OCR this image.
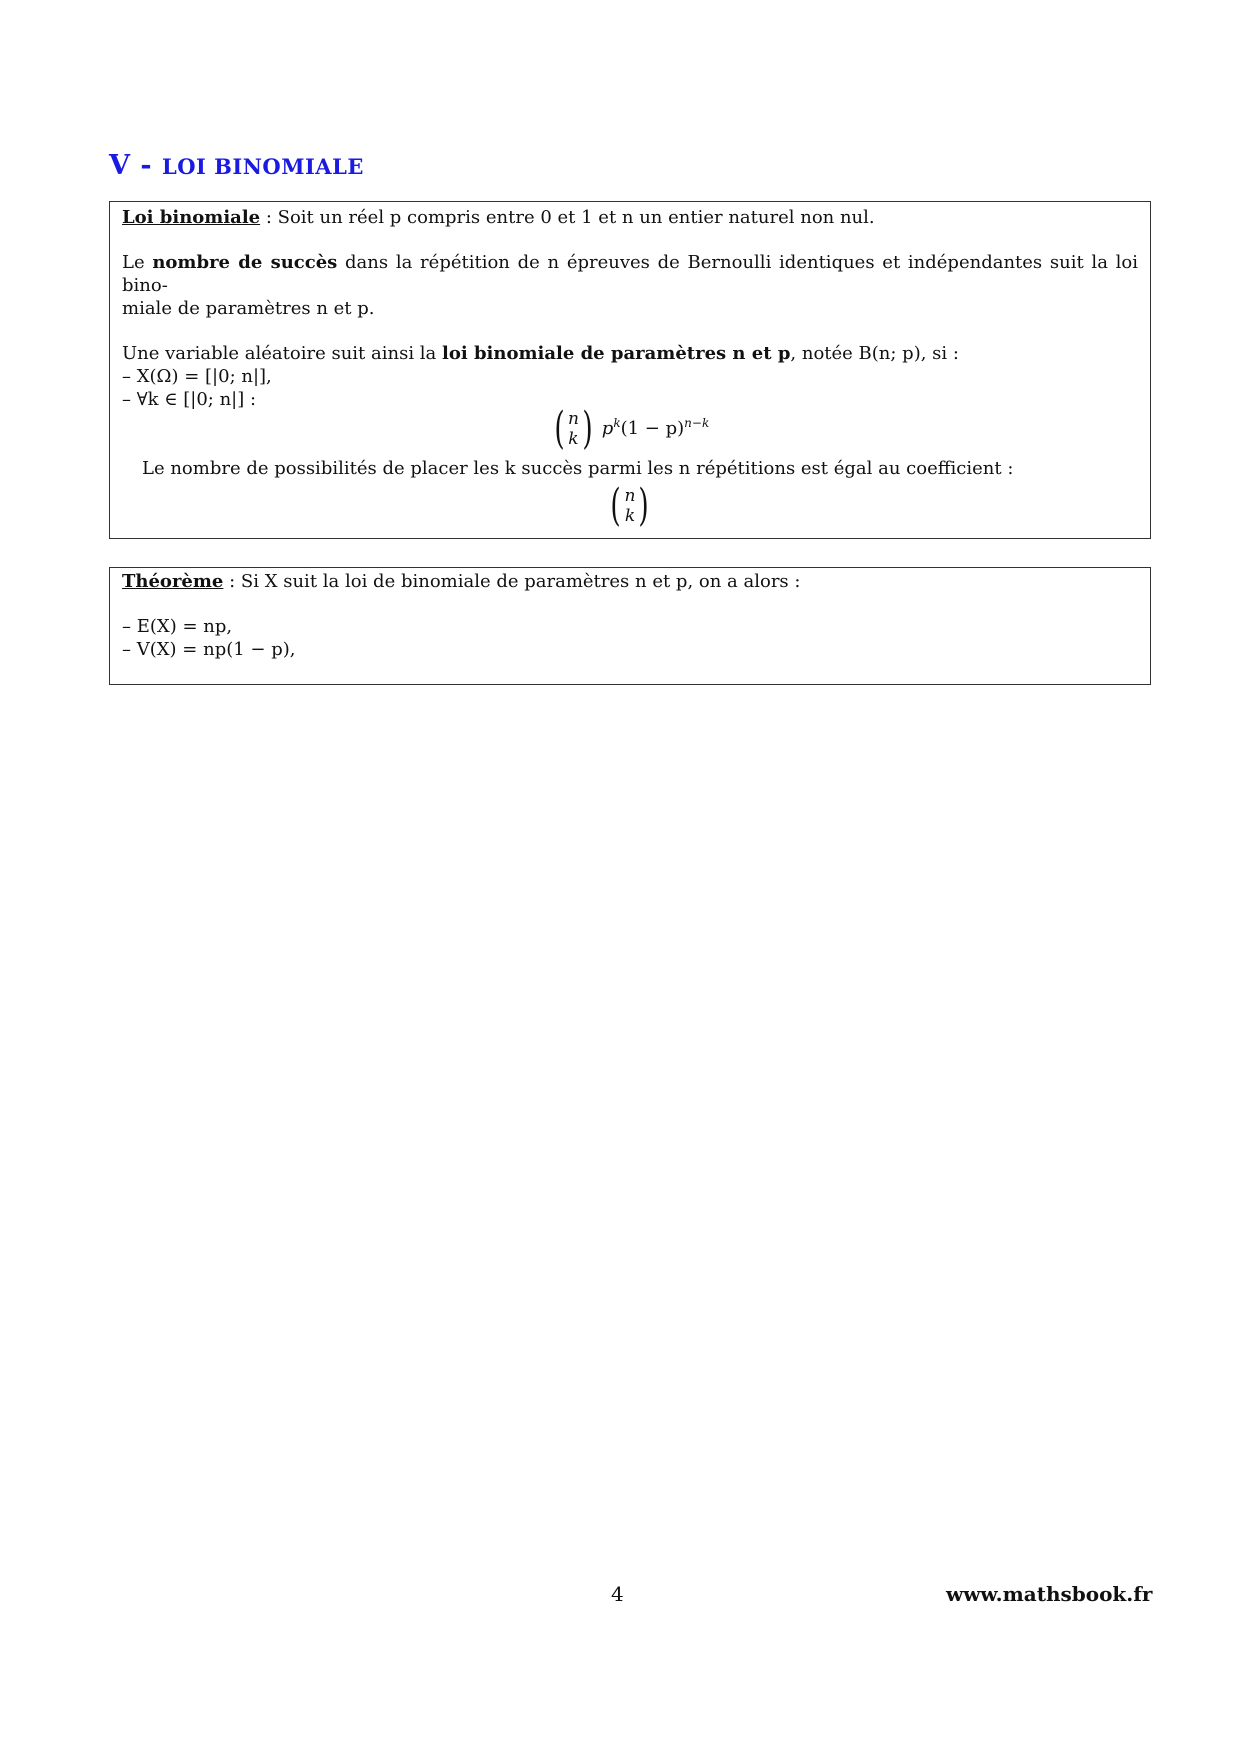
V - LOI BINOMIALE

Loi binomiale : Soit un réel p compris entre 0 et 1 et n un entier naturel non nul.

Le nombre de succès dans la répétition de n épreuves de Bernoulli identiques et indépendantes suit la loi bino-
miale de paramètres n et p.

Une variable aléatoire suit ainsi la loi binomiale de paramètres n et p, notée B(n; p), si :

– X(Ω) = [|0; n|],

– ∀k ∈ [|0; n|] :

( n
k ) $p^k(1 - p)^{n-k}$

Le nombre de possibilités de placer les k succès parmi les n répétitions est égal au coefficient :

( n
k )

Théorème : Si X suit la loi de binomiale de paramètres n et p, on a alors :

– E(X) = np,

– V(X) = np(1 − p),

4	www.mathsbook.fr
